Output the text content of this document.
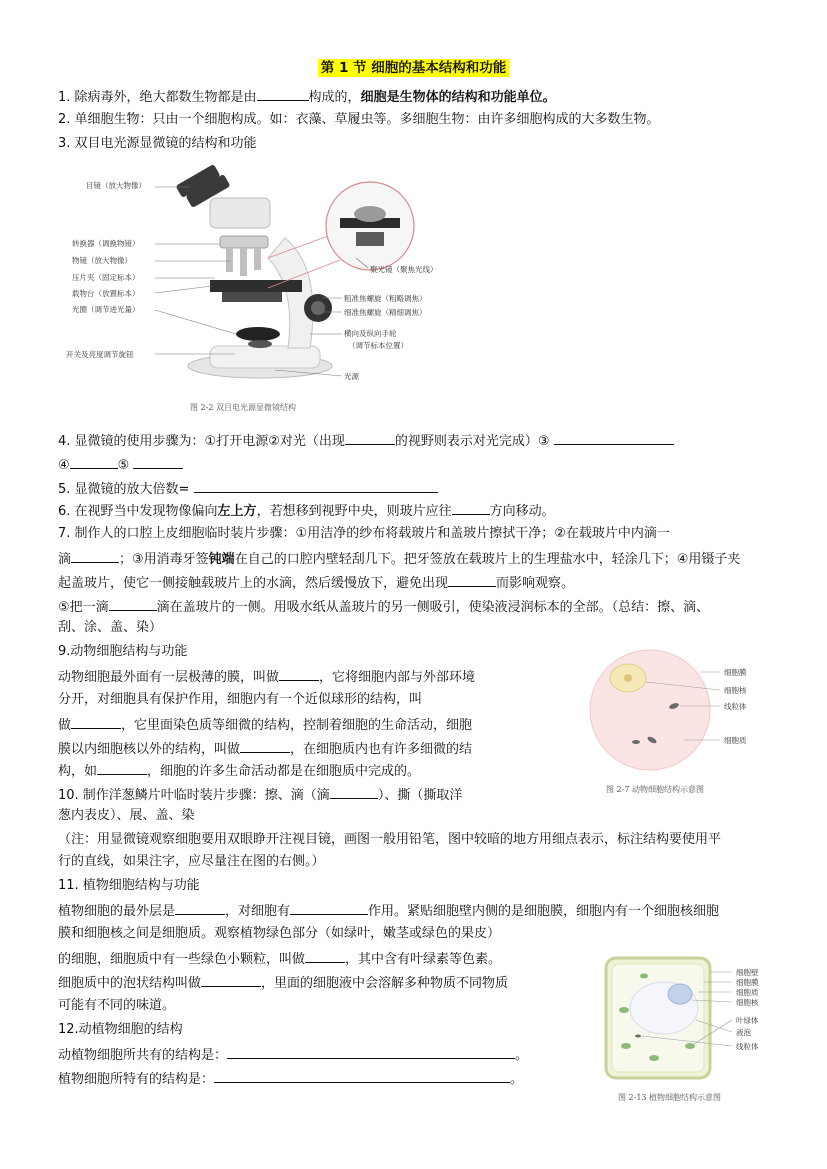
第 1 节 细胞的基本结构和功能
1. 除病毒外，绝大都数生物都是由	构成的，细胞是生物体的结构和功能单位。
2. 单细胞生物：只由一个细胞构成。如：衣藻、草履虫等。多细胞生物：由许多细胞构成的大多数生物。
3. 双目电光源显微镜的结构和功能
目镜（放大物像）
转换器（调换物镜）
物镜（放大物像）
压片夹（固定标本）
载物台（放置标本）
光圈（调节进光量）
开关及亮度调节旋钮
聚光镜（聚焦光线）
粗准焦螺旋（粗略调焦）
细准焦螺旋（精细调焦）
横向及纵向手轮
（调节标本位置）
光源
图 2-2 双目电光源显微镜结构
4. 显微镜的使用步骤为：①打开电源②对光（出现	的视野则表示对光完成）③
④	⑤
5. 显微镜的放大倍数=
6. 在视野当中发现物像偏向左上方，若想移到视野中央，则玻片应往	方向移动。
7. 制作人的口腔上皮细胞临时装片步骤：①用洁净的纱布将载玻片和盖玻片擦拭干净；②在载玻片中内滴一
滴	；③用消毒牙签钝端在自己的口腔内壁轻刮几下。把牙签放在载玻片上的生理盐水中，轻涂几下；④用镊子夹
起盖玻片，使它一侧接触载玻片上的水滴，然后缓慢放下，避免出现	而影响观察。
⑤把一滴	滴在盖玻片的一侧。用吸水纸从盖玻片的另一侧吸引，使染液浸润标本的全部。（总结：擦、滴、
刮、涂、盖、染）
9.动物细胞结构与功能
动物细胞最外面有一层极薄的膜，叫做	，它将细胞内部与外部环境
分开，对细胞具有保护作用，细胞内有一个近似球形的结构，叫
做	，它里面染色质等细微的结构，控制着细胞的生命活动，细胞
膜以内细胞核以外的结构，叫做	，在细胞质内也有许多细微的结
构，如	，细胞的许多生命活动都是在细胞质中完成的。
细胞膜
细胞核
线粒体
细胞质
图 2-7 动物细胞结构示意图
10. 制作洋葱鳞片叶临时装片步骤：擦、滴（滴	）、撕（撕取洋
葱内表皮）、展、盖、染
（注：用显微镜观察细胞要用双眼睁开注视目镜，画图一般用铅笔，图中较暗的地方用细点表示，标注结构要使用平
行的直线，如果注字，应尽量注在图的右侧。）
11. 植物细胞结构与功能
植物细胞的最外层是	，对细胞有	作用。紧贴细胞壁内侧的是细胞膜，细胞内有一个细胞核细胞
膜和细胞核之间是细胞质。观察植物绿色部分（如绿叶，嫩茎或绿色的果皮）
的细胞，细胞质中有一些绿色小颗粒，叫做	，其中含有叶绿素等色素。
细胞质中的泡状结构叫做	，里面的细胞液中会溶解多种物质不同物质
可能有不同的味道。
细胞壁
细胞膜
细胞质
细胞核
叶绿体
液泡
线粒体
图 2-13 植物细胞结构示意图
12.动植物细胞的结构
动植物细胞所共有的结构是：	。
植物细胞所特有的结构是：	。
